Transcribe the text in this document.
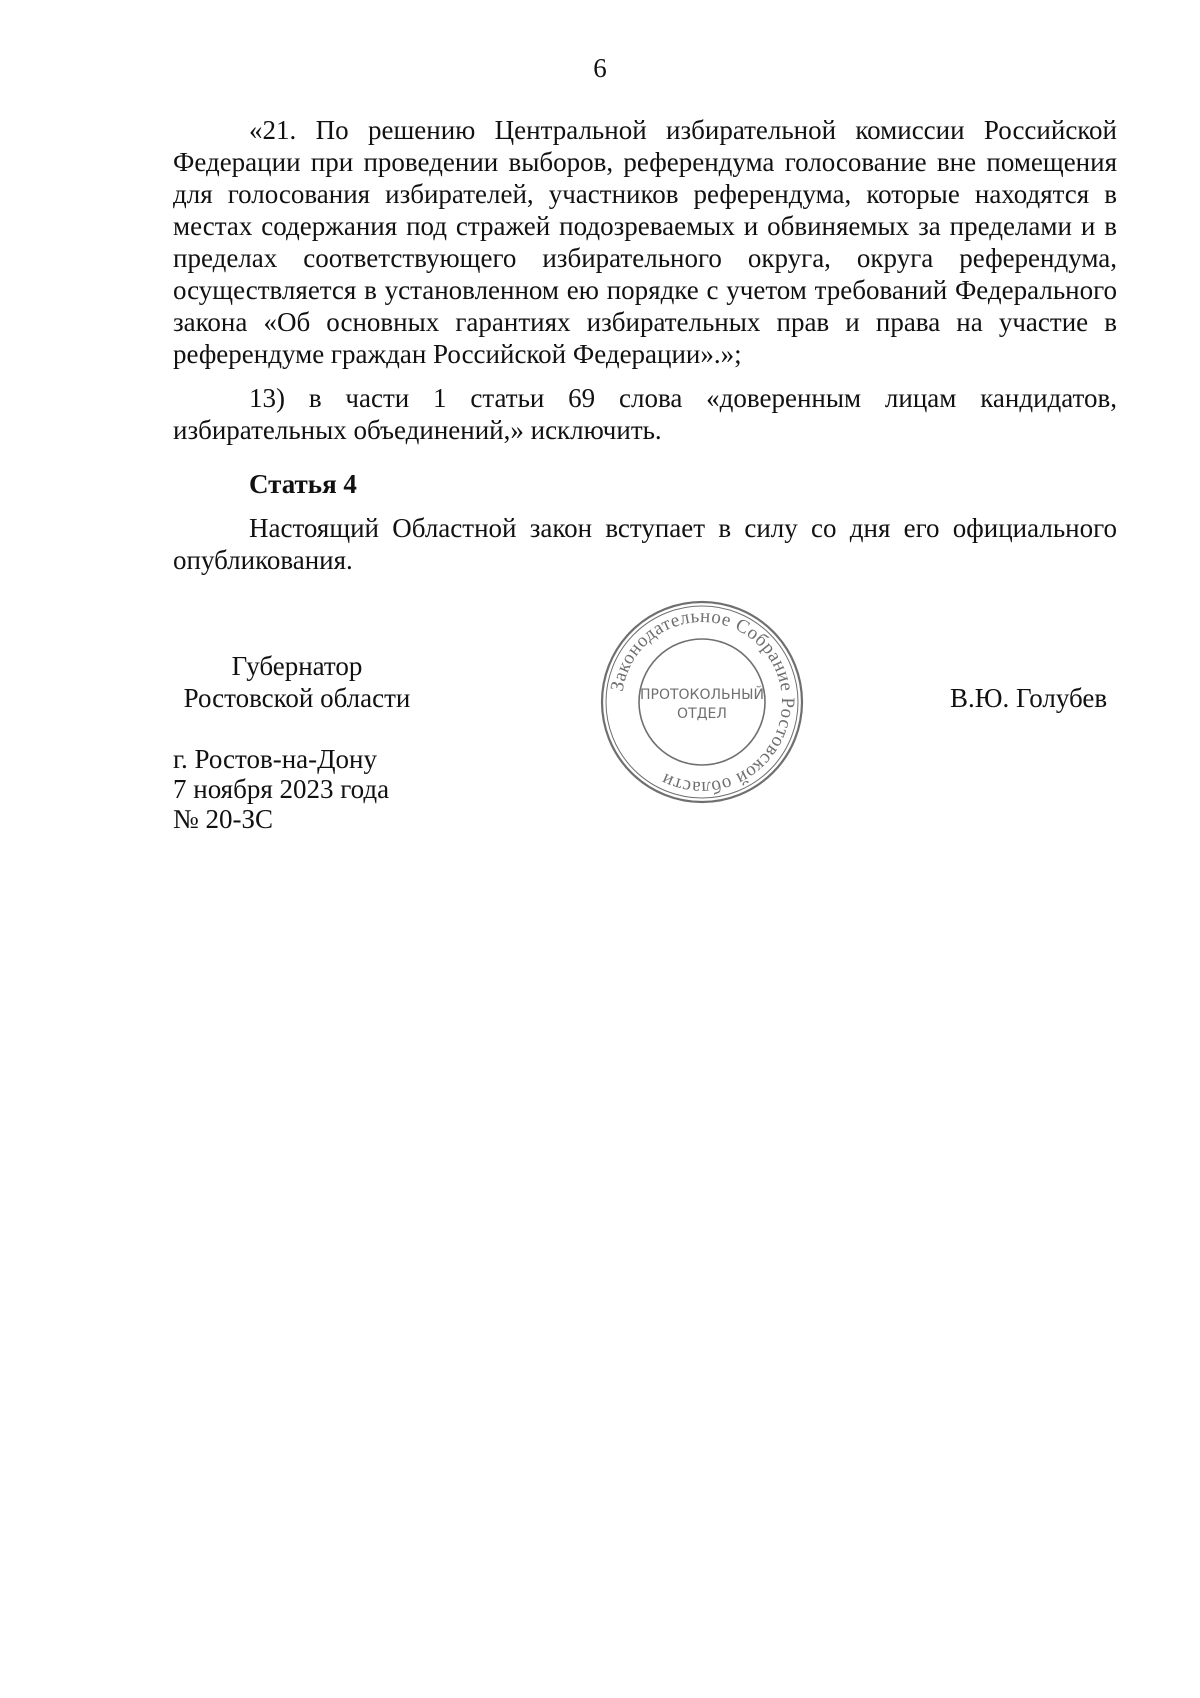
6

«21. По решению Центральной избирательной комиссии Российской Федерации при проведении выборов, референдума голосование вне помещения для голосования избирателей, участников референдума, которые находятся в местах содержания под стражей подозреваемых и обвиняемых за пределами и в пределах соответствующего избирательного округа, округа референдума, осуществляется в установленном ею порядке с учетом требований Федерального закона «Об основных гарантиях избирательных прав и права на участие в референдуме граждан Российской Федерации».»;

13) в части 1 статьи 69 слова «доверенным лицам кандидатов, избирательных объединений,» исключить.

Статья 4

Настоящий Областной закон вступает в силу со дня его официального опубликования.

Губернатор
Ростовской области	В.Ю. Голубев
г. Ростов-на-Дону
7 ноября 2023 года
№ 20-ЗС
Законодательное Собрание Ростовской области
ПРОТОКОЛЬНЫЙ
ОТДЕЛ
